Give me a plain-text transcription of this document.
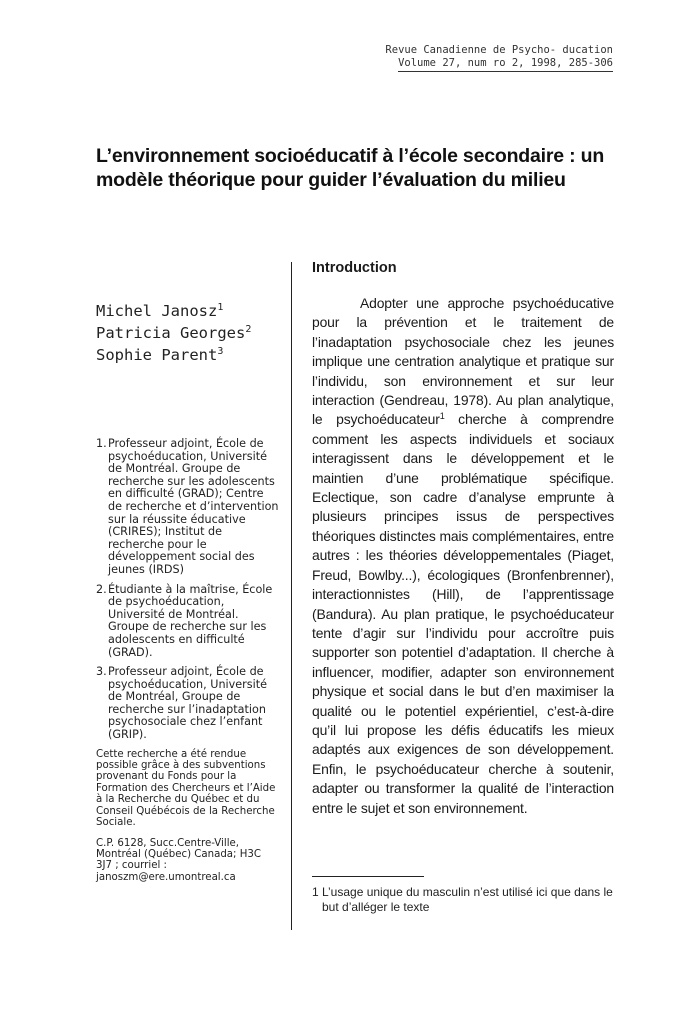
Revue Canadienne de Psycho- ducation
Volume 27, num ro 2, 1998, 285-306
L’environnement socioéducatif à l’école secondaire : un modèle théorique pour guider l’évaluation du milieu
Michel Janosz$^1$
Patricia Georges$^2$
Sophie Parent$^3$
1. Professeur adjoint, École de psychoéducation, Université de Montréal. Groupe de recherche sur les adolescents en difficulté (GRAD); Centre de recherche et d’intervention sur la réussite éducative (CRIRES); Institut de recherche pour le développement social des jeunes (IRDS)
2. Étudiante à la maîtrise, École de psychoéducation, Université de Montréal. Groupe de recherche sur les adolescents en difficulté (GRAD).
3. Professeur adjoint, École de psychoéducation, Université de Montréal, Groupe de recherche sur l’inadaptation psychosociale chez l’enfant (GRIP).
Cette recherche a été rendue possible grâce à des subventions provenant du Fonds pour la Formation des Chercheurs et l’Aide à la Recherche du Québec et du Conseil Québécois de la Recherche Sociale.
C.P. 6128, Succ.Centre-Ville, Montréal (Québec) Canada; H3C 3J7 ; courriel : janoszm@ere.umontreal.ca
Introduction

Adopter une approche psychoéducative pour la prévention et le traitement de l’inadaptation psychosociale chez les jeunes implique une centration analytique et pratique sur l’individu, son environnement et sur leur interaction (Gendreau, 1978). Au plan analytique, le psychoéducateur$^1$ cherche à comprendre comment les aspects individuels et sociaux interagissent dans le développement et le maintien d’une problématique spécifique. Eclectique, son cadre d’analyse emprunte à plusieurs principes issus de perspectives théoriques distinctes mais complémentaires, entre autres : les théories développementales (Piaget, Freud, Bowlby...), écologiques (Bronfenbrenner), interactionnistes (Hill), de l’apprentissage (Bandura). Au plan pratique, le psychoéducateur tente d’agir sur l’individu pour accroître puis supporter son potentiel d’adaptation. Il cherche à influencer, modifier, adapter son environnement physique et social dans le but d’en maximiser la qualité ou le potentiel expérientiel, c’est-à-dire qu’il lui propose les défis éducatifs les mieux adaptés aux exigences de son développement. Enfin, le psychoéducateur cherche à soutenir, adapter ou transformer la qualité de l’interaction entre le sujet et son environnement.

1 L’usage unique du masculin n’est utilisé ici que dans le but d’alléger le texte
